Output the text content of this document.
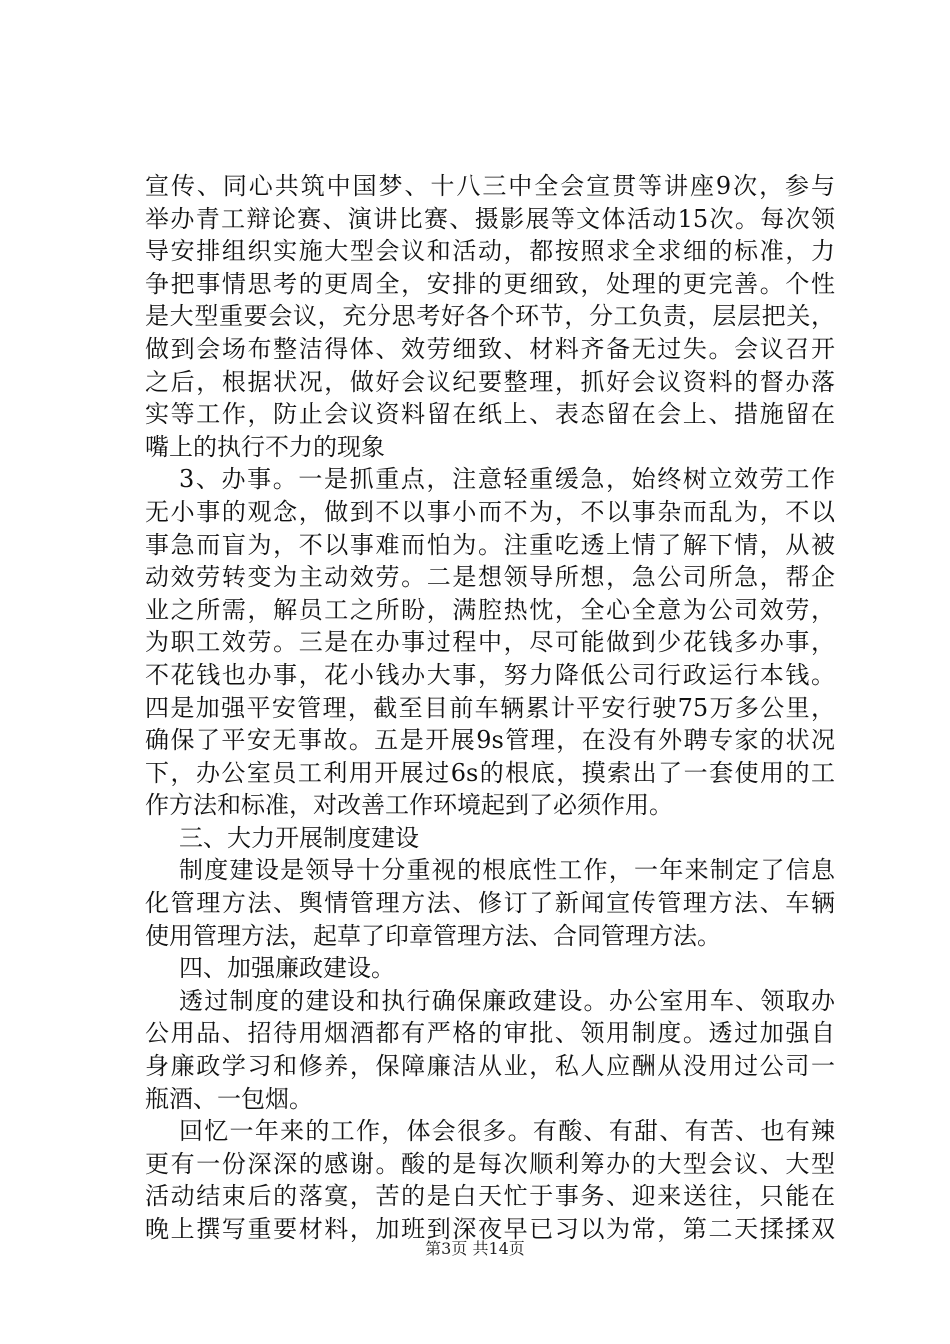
宣传、同心共筑中国梦、十八三中全会宣贯等讲座9次，参与
举办青工辩论赛、演讲比赛、摄影展等文体活动15次。每次领
导安排组织实施大型会议和活动，都按照求全求细的标准，力
争把事情思考的更周全，安排的更细致，处理的更完善。个性
是大型重要会议，充分思考好各个环节，分工负责，层层把关，
做到会场布整洁得体、效劳细致、材料齐备无过失。会议召开
之后，根据状况，做好会议纪要整理，抓好会议资料的督办落
实等工作，防止会议资料留在纸上、表态留在会上、措施留在
嘴上的执行不力的现象
3、办事。一是抓重点，注意轻重缓急，始终树立效劳工作
无小事的观念，做到不以事小而不为，不以事杂而乱为，不以
事急而盲为，不以事难而怕为。注重吃透上情了解下情，从被
动效劳转变为主动效劳。二是想领导所想，急公司所急，帮企
业之所需，解员工之所盼，满腔热忱，全心全意为公司效劳，
为职工效劳。三是在办事过程中，尽可能做到少花钱多办事，
不花钱也办事，花小钱办大事，努力降低公司行政运行本钱。
四是加强平安管理，截至目前车辆累计平安行驶75万多公里，
确保了平安无事故。五是开展9s管理，在没有外聘专家的状况
下，办公室员工利用开展过6s的根底，摸索出了一套使用的工
作方法和标准，对改善工作环境起到了必须作用。
三、大力开展制度建设
制度建设是领导十分重视的根底性工作，一年来制定了信息
化管理方法、舆情管理方法、修订了新闻宣传管理方法、车辆
使用管理方法，起草了印章管理方法、合同管理方法。
四、加强廉政建设。
透过制度的建设和执行确保廉政建设。办公室用车、领取办
公用品、招待用烟酒都有严格的审批、领用制度。透过加强自
身廉政学习和修养，保障廉洁从业，私人应酬从没用过公司一
瓶酒、一包烟。
回忆一年来的工作，体会很多。有酸、有甜、有苦、也有辣
更有一份深深的感谢。酸的是每次顺利筹办的大型会议、大型
活动结束后的落寞，苦的是白天忙于事务、迎来送往，只能在
晚上撰写重要材料，加班到深夜早已习以为常，第二天揉揉双
第3页 共14页
